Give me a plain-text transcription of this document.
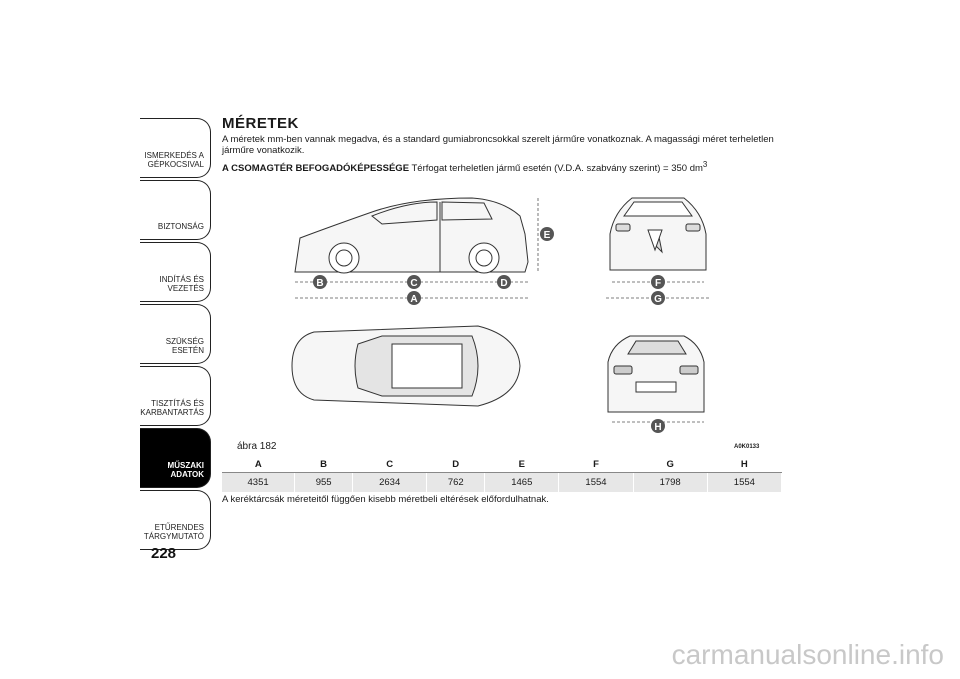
ISMERKEDÉS A GÉPKOCSIVAL
BIZTONSÁG
INDÍTÁS ÉS VEZETÉS
SZÜKSÉG ESETÉN
TISZTÍTÁS ÉS KARBANTARTÁS
MŰSZAKI ADATOK
ETŰRENDES TÁRGYMUTATÓ
228
MÉRETEK

A méretek mm-ben vannak megadva, és a standard gumiabroncsokkal szerelt járműre vonatkoznak. A magassági méret terheletlen járműre vonatkozik.

A CSOMAGTÉR BEFOGADÓKÉPESSÉGE Térfogat terheletlen jármű esetén (V.D.A. szabvány szerint) = 350 $dm^3$
B	C	D
A
E
F
G
H
ábra 182	A0K0133
A	B	C	D	E	F	G	H
4351	955	2634	762	1465	1554	1798	1554
A keréktárcsák méreteitől függően kisebb méretbeli eltérések előfordulhatnak.
carmanualsonline.info
